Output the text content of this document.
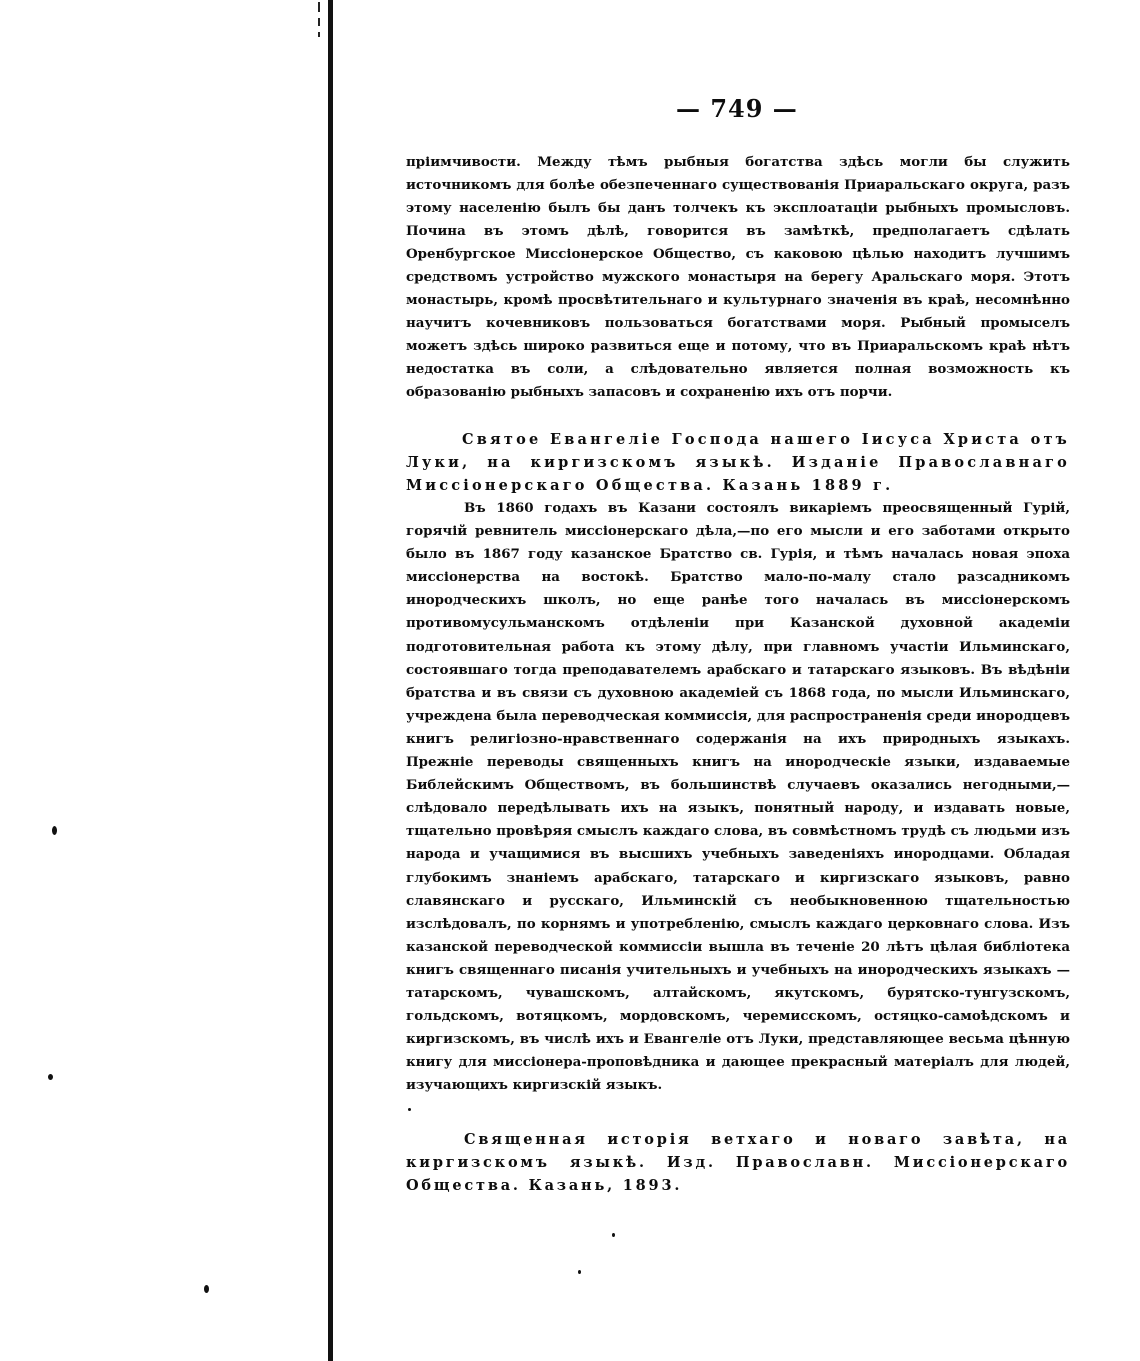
— 749 —
пріимчивости. Между тѣмъ рыбныя богатства здѣсь могли бы служить источникомъ для болѣе обезпеченнаго существованія Приаральскаго округа, разъ этому населенію былъ бы данъ толчекъ къ эксплоатаціи рыбныхъ промысловъ. Почина въ этомъ дѣлѣ, говорится въ замѣткѣ, предполагаетъ сдѣлать Оренбургское Миссіонерское Общество, съ каковою цѣлью находитъ лучшимъ средствомъ устройство мужского монастыря на берегу Аральскаго моря. Этотъ монастырь, кромѣ просвѣтительнаго и культурнаго значенія въ краѣ, несомнѣнно научитъ кочевниковъ пользоваться богатствами моря. Рыбный промыселъ можетъ здѣсь широко развиться еще и потому, что въ Приаральскомъ краѣ нѣтъ недостатка въ соли, а слѣдовательно является полная возможность къ образованію рыбныхъ запасовъ и сохраненію ихъ отъ порчи.
Святое Евангеліе Господа нашего Іисуса Христа отъ Луки, на киргизскомъ языкѣ. Изданіе Православнаго Миссіонерскаго Общества. Казань 1889 г.
Въ 1860 годахъ въ Казани состоялъ викаріемъ преосвященный Гурій, горячій ревнитель миссіонерскаго дѣла,—по его мысли и его заботами открыто было въ 1867 году казанское Братство св. Гурія, и тѣмъ началась новая эпоха миссіонерства на востокѣ. Братство мало-по-малу стало разсадникомъ инородческихъ школъ, но еще ранѣе того началась въ миссіонерскомъ противомусульманскомъ отдѣленіи при Казанской духовной академіи подготовительная работа къ этому дѣлу, при главномъ участіи Ильминскаго, состоявшаго тогда преподавателемъ арабскаго и татарскаго языковъ. Въ вѣдѣніи братства и въ связи съ духовною академіей съ 1868 года, по мысли Ильминскаго, учреждена была переводческая коммиссія, для распространенія среди инородцевъ книгъ религіозно-нравственнаго содержанія на ихъ природныхъ языкахъ. Прежніе переводы священныхъ книгъ на инородческіе языки, издаваемые Библейскимъ Обществомъ, въ большинствѣ случаевъ оказались негодными,—слѣдовало передѣлывать ихъ на языкъ, понятный народу, и издавать новые, тщательно провѣряя смыслъ каждаго слова, въ совмѣстномъ трудѣ съ людьми изъ народа и учащимися въ высшихъ учебныхъ заведеніяхъ инородцами. Обладая глубокимъ знаніемъ арабскаго, татарскаго и киргизскаго языковъ, равно славянскаго и русскаго, Ильминскій съ необыкновенною тщательностью изслѣдовалъ, по корнямъ и употребленію, смыслъ каждаго церковнаго слова. Изъ казанской переводческой коммиссіи вышла въ теченіе 20 лѣтъ цѣлая библіотека книгъ священнаго писанія учительныхъ и учебныхъ на инородческихъ языкахъ —татарскомъ, чувашскомъ, алтайскомъ, якутскомъ, бурятско-тунгузскомъ, гольдскомъ, вотяцкомъ, мордовскомъ, черемисскомъ, остяцко-самоѣдскомъ и киргизскомъ, въ числѣ ихъ и Евангеліе отъ Луки, представляющее весьма цѣнную книгу для миссіонера-проповѣдника и дающее прекрасный матеріалъ для людей, изучающихъ киргизскій языкъ.
Священная исторія ветхаго и новаго завѣта, на киргизскомъ языкѣ. Изд. Православн. Миссіонерскаго Общества. Казань, 1893.
